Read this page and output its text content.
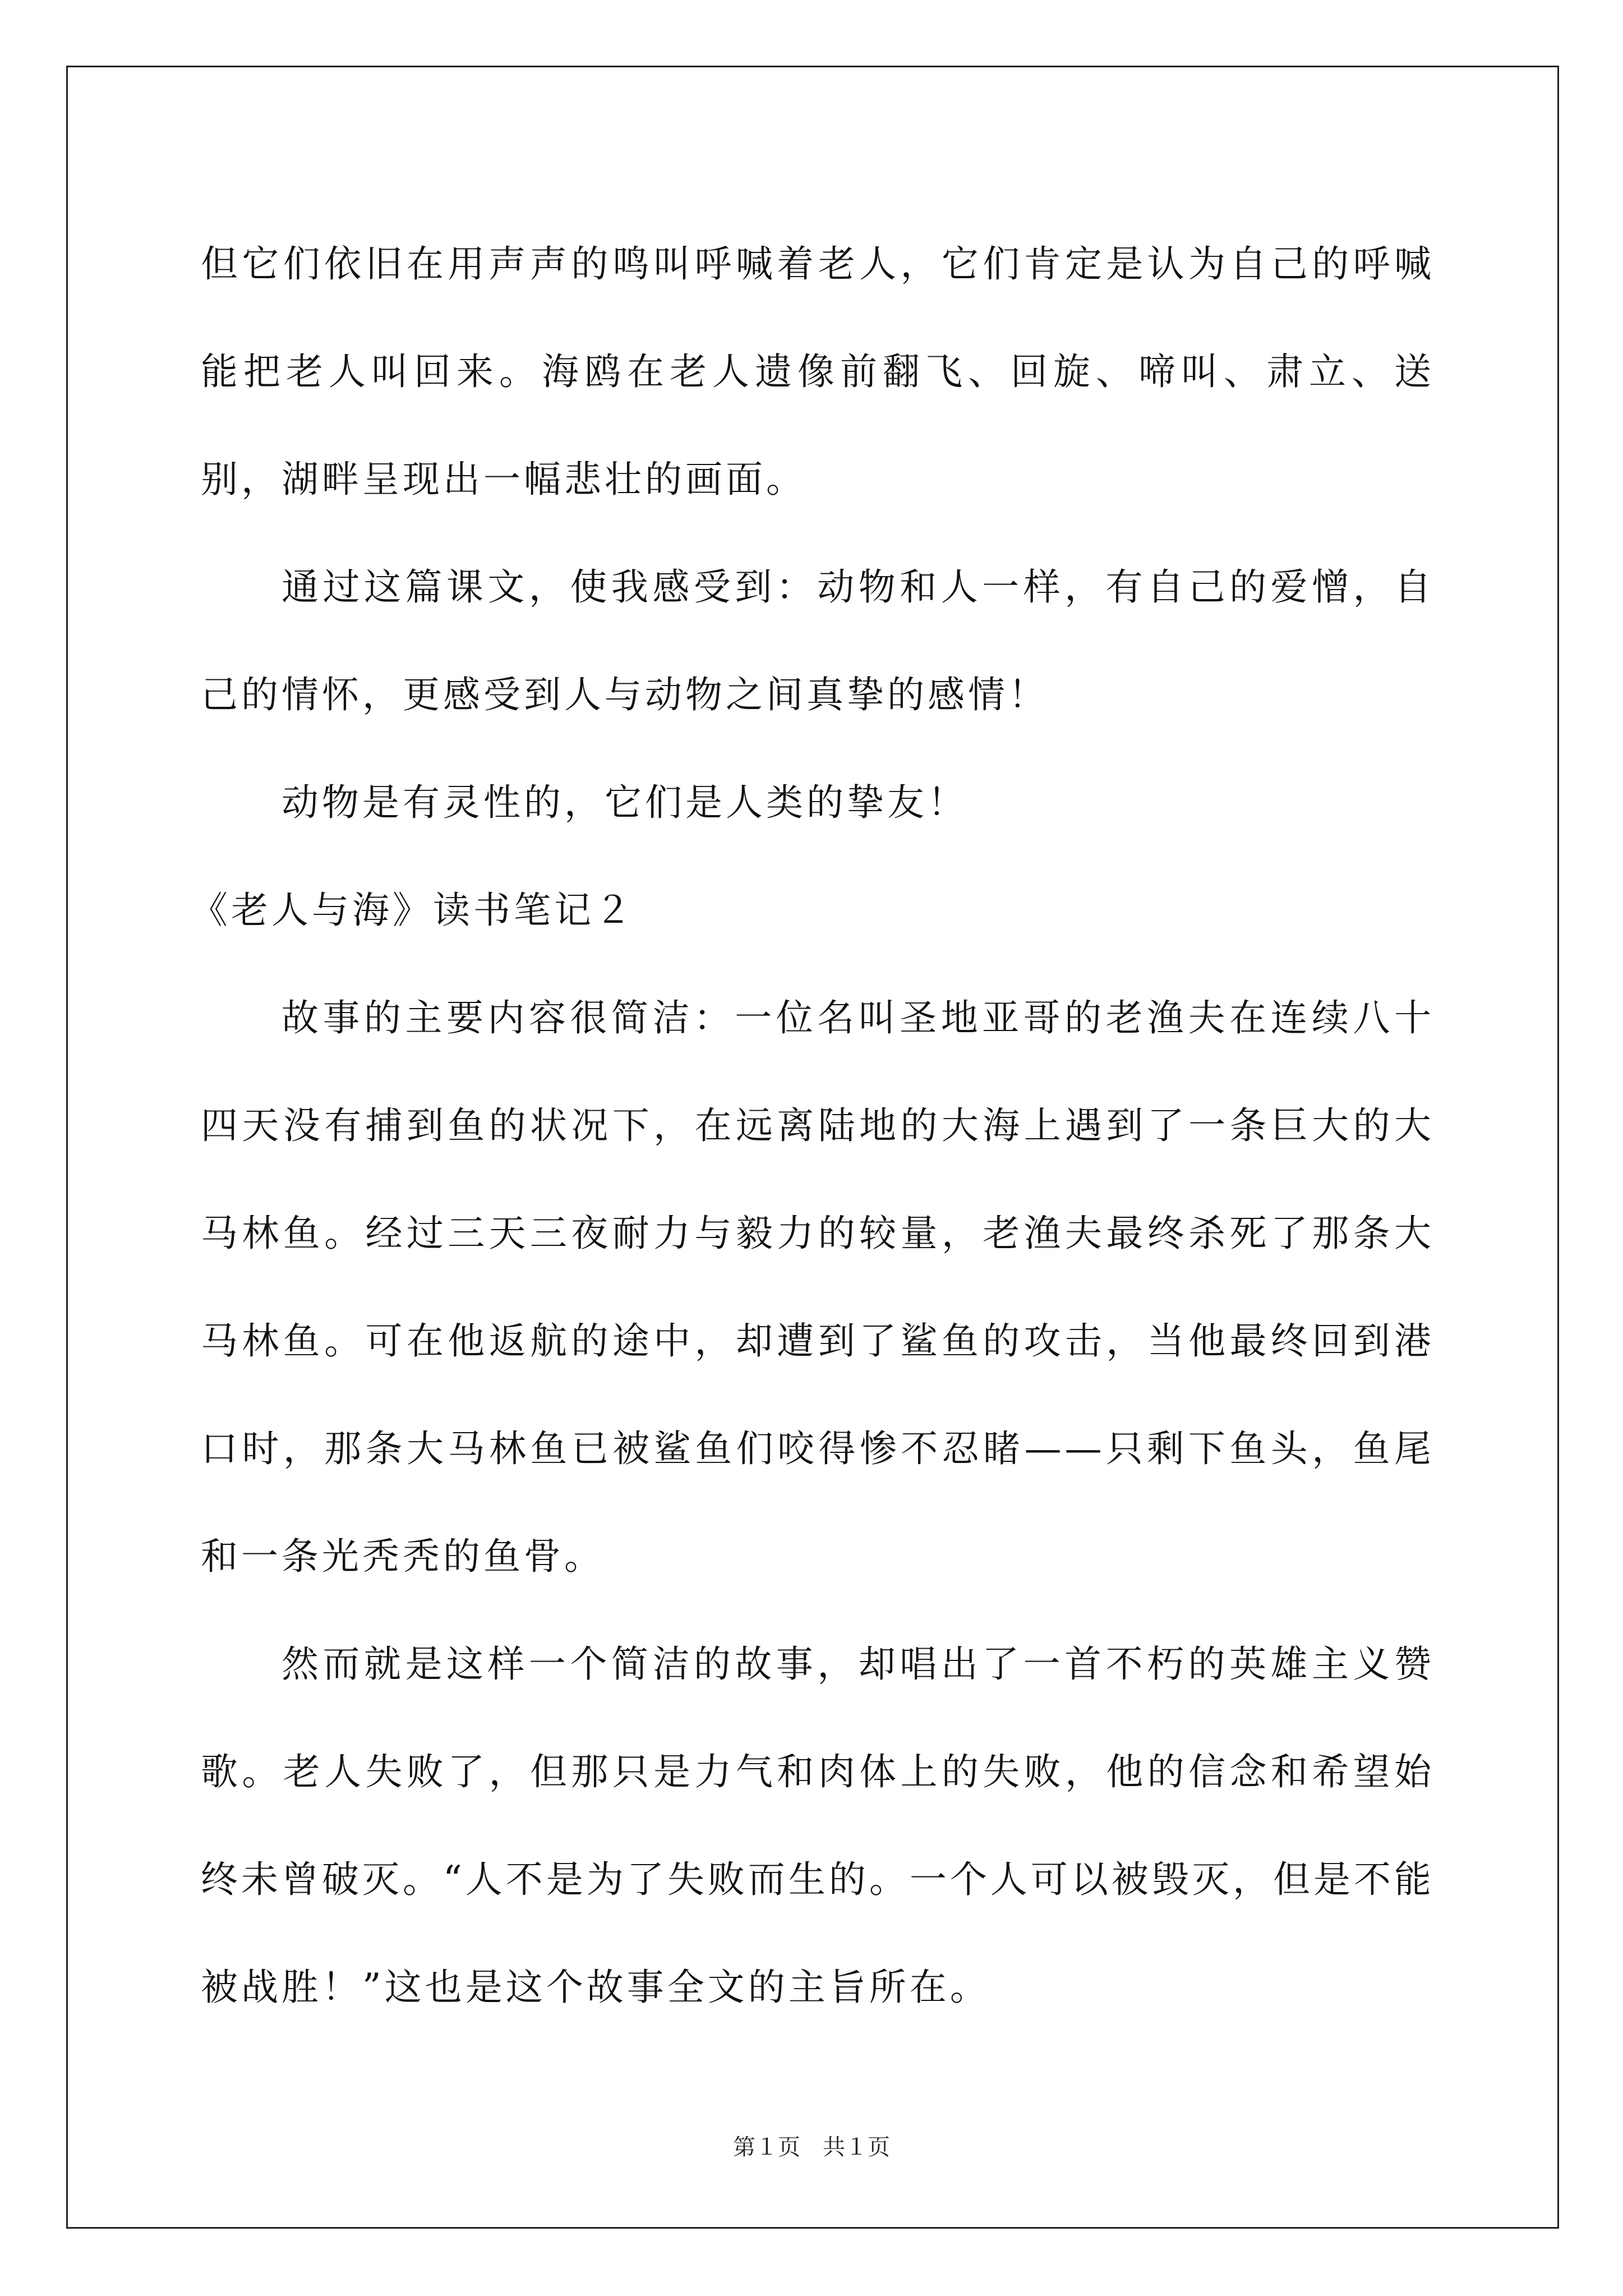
但它们依旧在用声声的鸣叫呼喊着老人，它们肯定是认为自己的呼喊能把老人叫回来。海鸥在老人遗像前翻飞、回旋、啼叫、肃立、送别，湖畔呈现出一幅悲壮的画面。

通过这篇课文，使我感受到：动物和人一样，有自己的爱憎，自己的情怀，更感受到人与动物之间真挚的感情！

动物是有灵性的，它们是人类的挚友！

《老人与海》读书笔记２

故事的主要内容很简洁：一位名叫圣地亚哥的老渔夫在连续八十四天没有捕到鱼的状况下，在远离陆地的大海上遇到了一条巨大的大马林鱼。经过三天三夜耐力与毅力的较量，老渔夫最终杀死了那条大马林鱼。可在他返航的途中，却遭到了鲨鱼的攻击，当他最终回到港口时，那条大马林鱼已被鲨鱼们咬得惨不忍睹——只剩下鱼头，鱼尾和一条光秃秃的鱼骨。

然而就是这样一个简洁的故事，却唱出了一首不朽的英雄主义赞歌。老人失败了，但那只是力气和肉体上的失败，他的信念和希望始终未曾破灭。“人不是为了失败而生的。一个人可以被毁灭，但是不能被战胜！”这也是这个故事全文的主旨所在。

第１页　共１页
